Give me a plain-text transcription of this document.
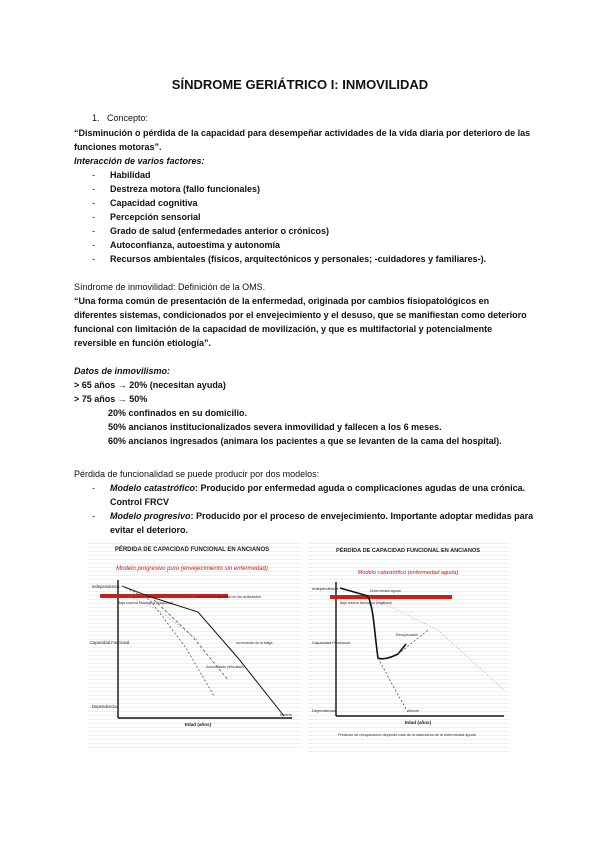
SÍNDROME GERIÁTRICO I: INMOVILIDAD
1. Concepto:
“Disminución o pérdida de la capacidad para desempeñar actividades de la vida diaria por deterioro de las funciones motoras”.
Interacción de varios factores:
- Habilidad
- Destreza motora (fallo funcionales)
- Capacidad cognitiva
- Percepción sensorial
- Grado de salud (enfermedades anterior o crónicos)
- Autoconfianza, autoestima y autonomía
- Recursos ambientales (físicos, arquitectónicos y personales; -cuidadores y familiares-).
Síndrome de inmovilidad: Definición de la OMS.
“Una forma común de presentación de la enfermedad, originada por cambios fisiopatológicos en diferentes sistemas, condicionados por el envejecimiento y el desuso, que se manifiestan como deterioro funcional con limitación de la capacidad de movilización, y que es multifactorial y potencialmente reversible en función etiología”.
Datos de inmovilismo:
> 65 años → 20% (necesitan ayuda)
> 75 años → 50%
20% confinados en su domicilio.
50% ancianos institucionalizados severa inmovilidad y fallecen a los 6 meses.
60% ancianos ingresados (animara los pacientes a que se levanten de la cama del hospital).
Pérdida de funcionalidad se puede producir por dos modelos:
- Modelo catastrófico: Producido por enfermedad aguda o complicaciones agudas de una crónica. Control FRCV
- Modelo progresivo: Producido por el proceso de envejecimiento. Importante adoptar medidas para evitar el deterioro.
PÉRDIDA DE CAPACIDAD FUNCIONAL EN ANCIANOS
Modelo progresivo puro (envejecimiento sin enfermedad)
Independencia
Capacidad Funcional
Dependencia
Edad (años)
Baja reserva fisiológica (fragilidad)
Inicio de discapacidad en las actividades
Incremento de la fatiga
Autocuidado (dificultad)
Muerte
PÉRDIDA DE CAPACIDAD FUNCIONAL EN ANCIANOS
Modelo catastrófico (enfermedad aguda)
Independencia
Capacidad Funcional
Dependencia
Edad (años)
Enfermedad aguda
Baja reserva fisiológica (fragilidad)
Recuperación
Muerte
Predictor de recuperación depende más de la naturaleza de la enfermedad aguda
